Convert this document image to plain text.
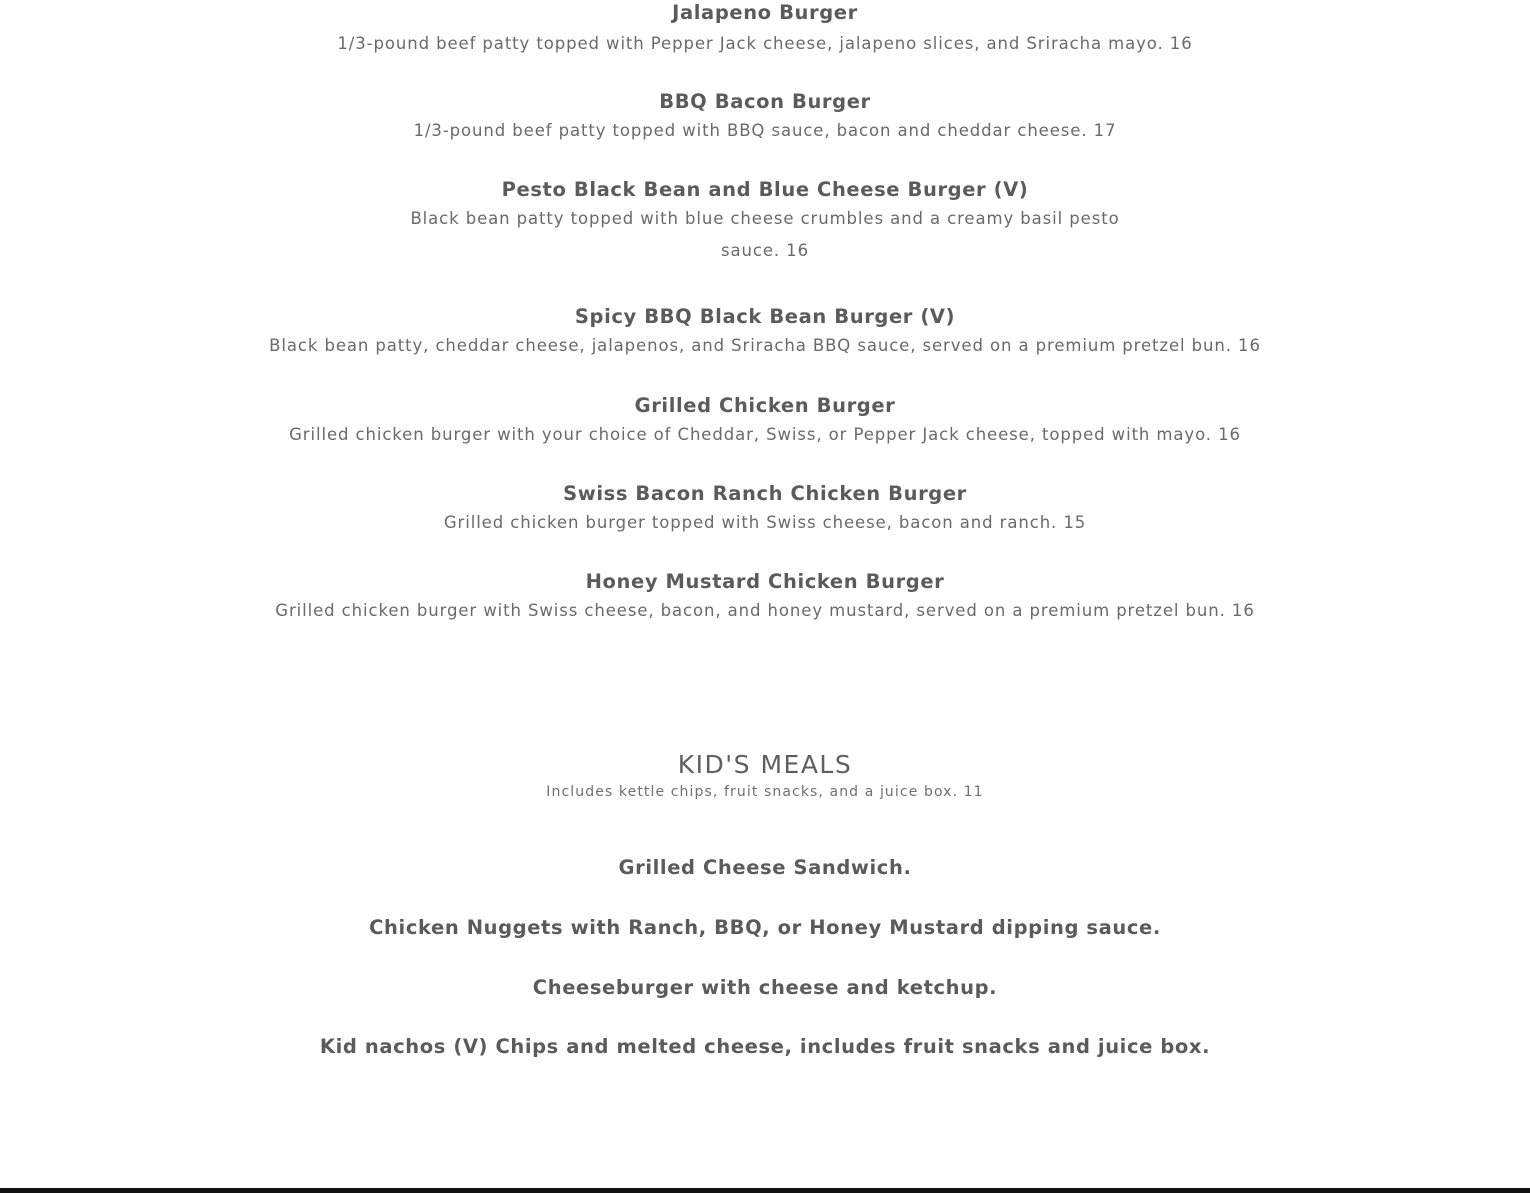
Jalapeno Burger

1/3-pound beef patty topped with Pepper Jack cheese, jalapeno slices, and Sriracha mayo. 16

BBQ Bacon Burger

1/3-pound beef patty topped with BBQ sauce, bacon and cheddar cheese. 17

Pesto Black Bean and Blue Cheese Burger (V)

Black bean patty topped with blue cheese crumbles and a creamy basil pesto sauce. 16

Spicy BBQ Black Bean Burger (V)

Black bean patty, cheddar cheese, jalapenos, and Sriracha BBQ sauce, served on a premium pretzel bun. 16

Grilled Chicken Burger

Grilled chicken burger with your choice of Cheddar, Swiss, or Pepper Jack cheese, topped with mayo. 16

Swiss Bacon Ranch Chicken Burger

Grilled chicken burger topped with Swiss cheese, bacon and ranch. 15

Honey Mustard Chicken Burger

Grilled chicken burger with Swiss cheese, bacon, and honey mustard, served on a premium pretzel bun. 16

KID'S MEALS

Includes kettle chips, fruit snacks, and a juice box. 11

Grilled Cheese Sandwich.

Chicken Nuggets with Ranch, BBQ, or Honey Mustard dipping sauce.

Cheeseburger with cheese and ketchup.

Kid nachos (V) Chips and melted cheese, includes fruit snacks and juice box.
